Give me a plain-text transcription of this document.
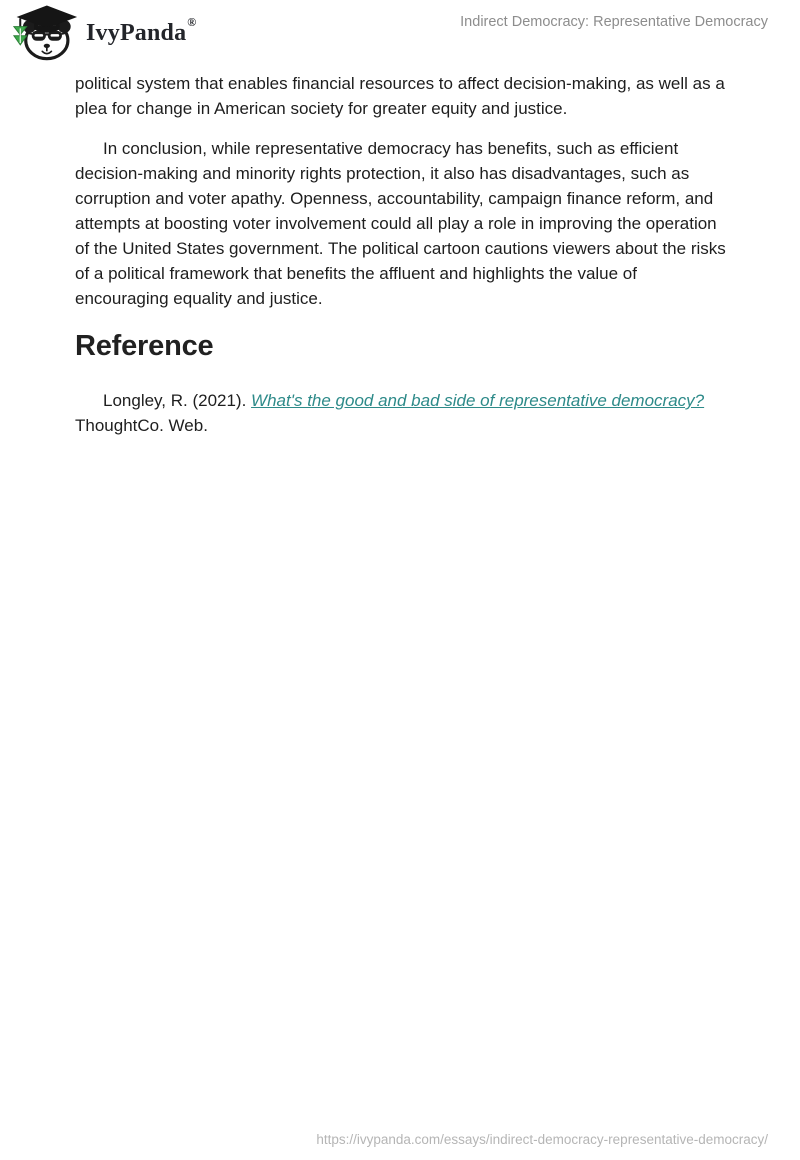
IvyPanda®	Indirect Democracy: Representative Democracy

political system that enables financial resources to affect decision-making, as well as a plea for change in American society for greater equity and justice.

In conclusion, while representative democracy has benefits, such as efficient decision-making and minority rights protection, it also has disadvantages, such as corruption and voter apathy. Openness, accountability, campaign finance reform, and attempts at boosting voter involvement could all play a role in improving the operation of the United States government. The political cartoon cautions viewers about the risks of a political framework that benefits the affluent and highlights the value of encouraging equality and justice.

Reference

Longley, R. (2021). What's the good and bad side of representative democracy? ThoughtCo. Web.

https://ivypanda.com/essays/indirect-democracy-representative-democracy/
